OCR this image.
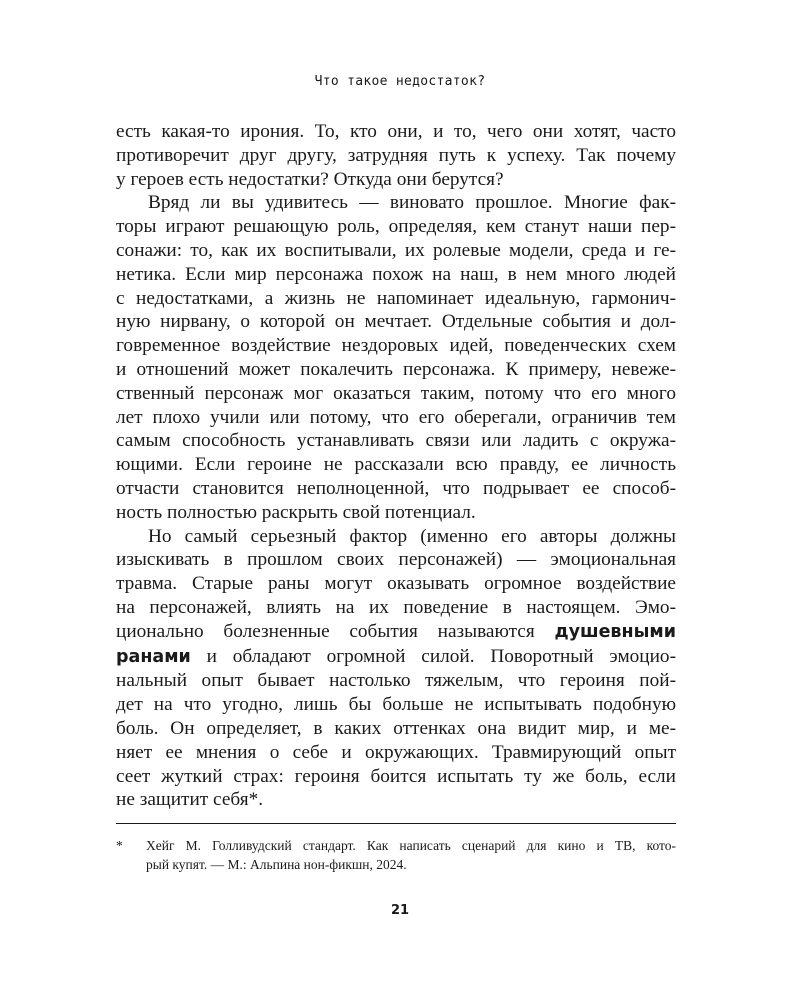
Что такое недостаток?
есть какая-то ирония. То, кто они, и то, чего они хотят, часто
противоречит друг другу, затрудняя путь к успеху. Так почему
у героев есть недостатки? Откуда они берутся?
Вряд ли вы удивитесь — виновато прошлое. Многие фак-
торы играют решающую роль, определяя, кем станут наши пер-
сонажи: то, как их воспитывали, их ролевые модели, среда и ге-
нетика. Если мир персонажа похож на наш, в нем много людей
с недостатками, а жизнь не напоминает идеальную, гармонич-
ную нирвану, о которой он мечтает. Отдельные события и дол-
говременное воздействие нездоровых идей, поведенческих схем
и отношений может покалечить персонажа. К примеру, невеже-
ственный персонаж мог оказаться таким, потому что его много
лет плохо учили или потому, что его оберегали, ограничив тем
самым способность устанавливать связи или ладить с окружа-
ющими. Если героине не рассказали всю правду, ее личность
отчасти становится неполноценной, что подрывает ее способ-
ность полностью раскрыть свой потенциал.
Но самый серьезный фактор (именно его авторы должны
изыскивать в прошлом своих персонажей) — эмоциональная
травма. Старые раны могут оказывать огромное воздействие
на персонажей, влиять на их поведение в настоящем. Эмо-
ционально болезненные события называются душевными
ранами и обладают огромной силой. Поворотный эмоцио-
нальный опыт бывает настолько тяжелым, что героиня пой-
дет на что угодно, лишь бы больше не испытывать подобную
боль. Он определяет, в каких оттенках она видит мир, и ме-
няет ее мнения о себе и окружающих. Травмирующий опыт
сеет жуткий страх: героиня боится испытать ту же боль, если
не защитит себя*.
* Хейг М. Голливудский стандарт. Как написать сценарий для кино и ТВ, кото-
рый купят. — М.: Альпина нон-фикшн, 2024.
21
